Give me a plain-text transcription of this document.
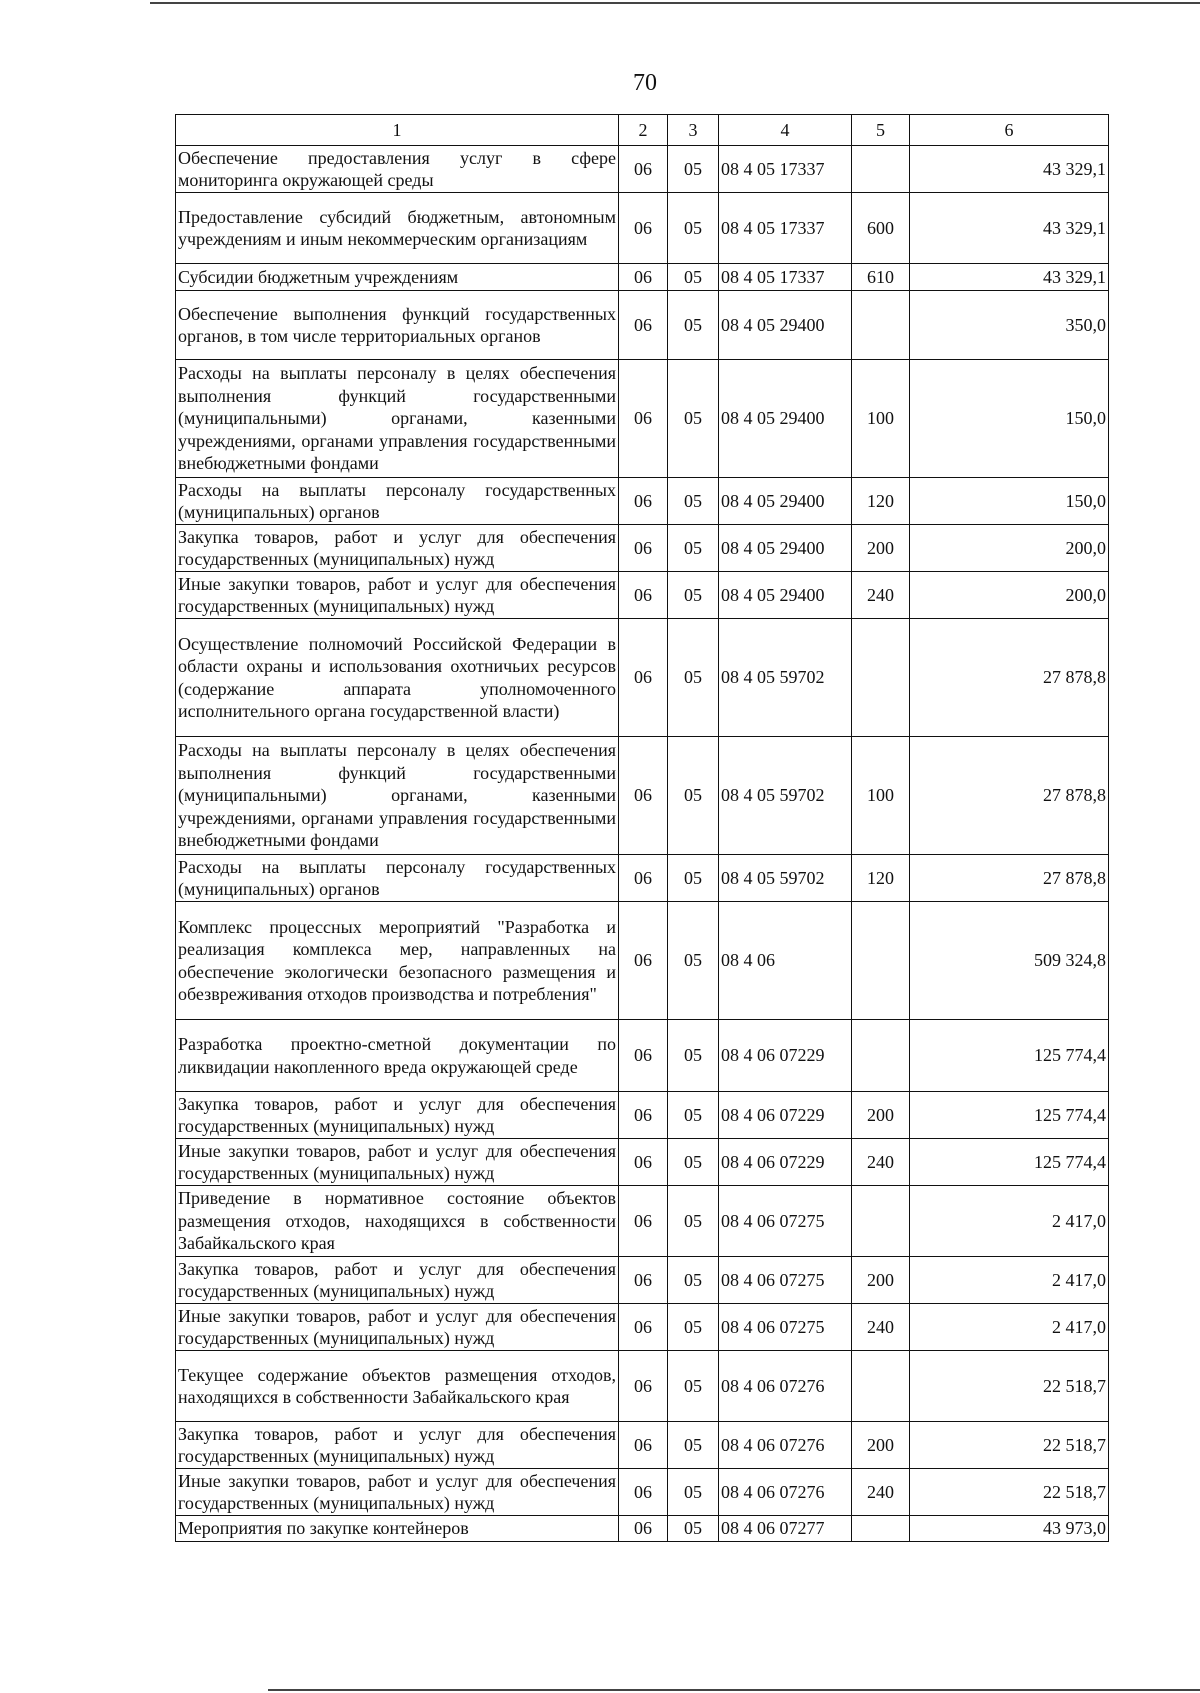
70
1	2	3	4	5	6
Обеспечение предоставления услуг в сфере мониторинга окружающей среды	06	05	08 4 05 17337		43 329,1
Предоставление субсидий бюджетным, автономным учреждениям и иным некоммерческим организациям	06	05	08 4 05 17337	600	43 329,1
Субсидии бюджетным учреждениям	06	05	08 4 05 17337	610	43 329,1
Обеспечение выполнения функций государственных органов, в том числе территориальных органов	06	05	08 4 05 29400		350,0
Расходы на выплаты персоналу в целях обеспечения выполнения функций государственными (муниципальными) органами, казенными учреждениями, органами управления государственными внебюджетными фондами	06	05	08 4 05 29400	100	150,0
Расходы на выплаты персоналу государственных (муниципальных) органов	06	05	08 4 05 29400	120	150,0
Закупка товаров, работ и услуг для обеспечения государственных (муниципальных) нужд	06	05	08 4 05 29400	200	200,0
Иные закупки товаров, работ и услуг для обеспечения государственных (муниципальных) нужд	06	05	08 4 05 29400	240	200,0
Осуществление полномочий Российской Федерации в области охраны и использования охотничьих ресурсов (содержание аппарата уполномоченного исполнительного органа государственной власти)	06	05	08 4 05 59702		27 878,8
Расходы на выплаты персоналу в целях обеспечения выполнения функций государственными (муниципальными) органами, казенными учреждениями, органами управления государственными внебюджетными фондами	06	05	08 4 05 59702	100	27 878,8
Расходы на выплаты персоналу государственных (муниципальных) органов	06	05	08 4 05 59702	120	27 878,8
Комплекс процессных мероприятий "Разработка и реализация комплекса мер, направленных на обеспечение экологически безопасного размещения и обезвреживания отходов производства и потребления"	06	05	08 4 06		509 324,8
Разработка проектно-сметной документации по ликвидации накопленного вреда окружающей среде	06	05	08 4 06 07229		125 774,4
Закупка товаров, работ и услуг для обеспечения государственных (муниципальных) нужд	06	05	08 4 06 07229	200	125 774,4
Иные закупки товаров, работ и услуг для обеспечения государственных (муниципальных) нужд	06	05	08 4 06 07229	240	125 774,4
Приведение в нормативное состояние объектов размещения отходов, находящихся в собственности Забайкальского края	06	05	08 4 06 07275		2 417,0
Закупка товаров, работ и услуг для обеспечения государственных (муниципальных) нужд	06	05	08 4 06 07275	200	2 417,0
Иные закупки товаров, работ и услуг для обеспечения государственных (муниципальных) нужд	06	05	08 4 06 07275	240	2 417,0
Текущее содержание объектов размещения отходов, находящихся в собственности Забайкальского края	06	05	08 4 06 07276		22 518,7
Закупка товаров, работ и услуг для обеспечения государственных (муниципальных) нужд	06	05	08 4 06 07276	200	22 518,7
Иные закупки товаров, работ и услуг для обеспечения государственных (муниципальных) нужд	06	05	08 4 06 07276	240	22 518,7
Мероприятия по закупке контейнеров	06	05	08 4 06 07277		43 973,0
